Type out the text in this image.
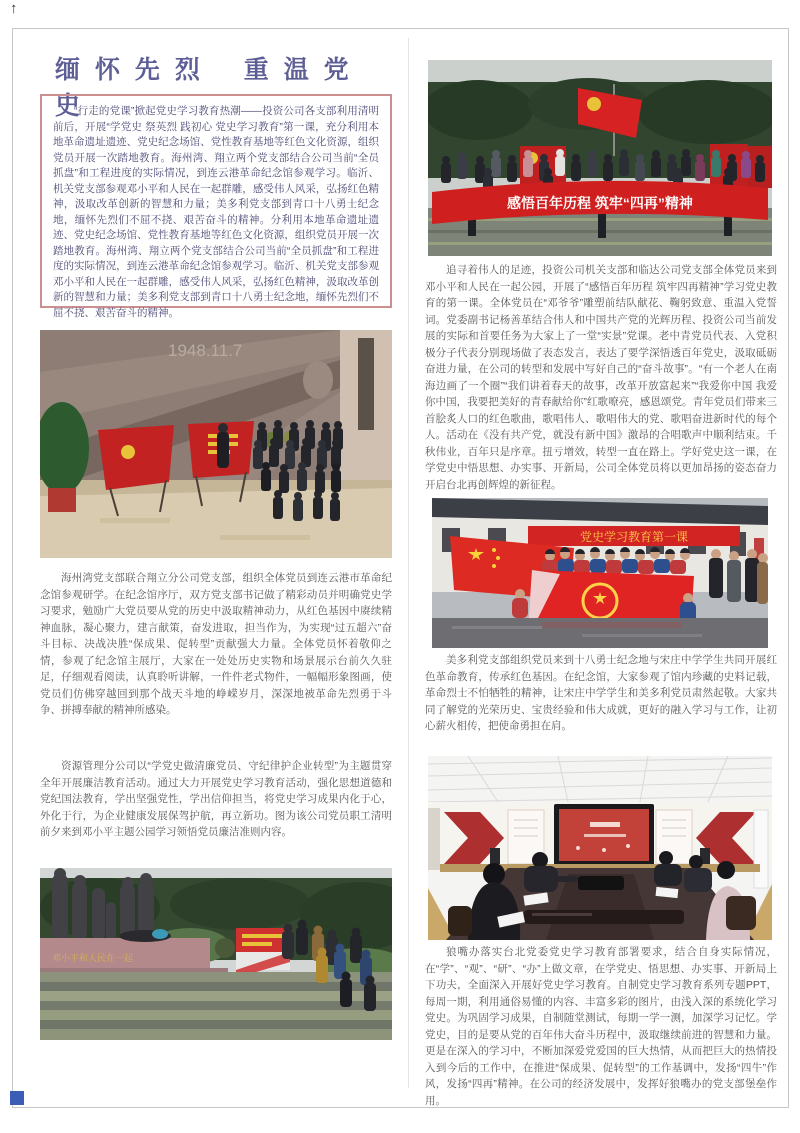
↑
缅 怀 先 烈　 重 温 党 史

“行走的党课”掀起党史学习教育热潮——投资公司各支部利用清明前后，开展“学党史 祭英烈 践初心 党史学习教育”第一课，充分利用本地革命遗址遗迹、党史纪念场馆、党性教育基地等红色文化资源，组织党员开展一次踏地教育。海州湾、翔立两个党支部结合公司当前“全员抓盘”和工程进度的实际情况，到连云港革命纪念馆参观学习。临沂、机关党支部参观邓小平和人民在一起群雕，感受伟人风采，弘扬红色精神，汲取改革创新的智慧和力量；美多利党支部到青口十八勇士纪念地，缅怀先烈们不屈不挠、艰苦奋斗的精神。分利用本地革命遗址遗迹、党史纪念场馆、党性教育基地等红色文化资源，组织党员开展一次踏地教育。海州湾、翔立两个党支部结合公司当前“全员抓盘”和工程进度的实际情况，到连云港革命纪念馆参观学习。临沂、机关党支部参观邓小平和人民在一起群雕，感受伟人风采，弘扬红色精神，汲取改革创新的智慧和力量；美多利党支部到青口十八勇士纪念地，缅怀先烈们不屈不挠、艰苦奋斗的精神。

1948.11.7

海州湾党支部联合翔立分公司党支部，组织全体党员到连云港市革命纪念馆参观研学。在纪念馆序厅，双方党支部书记做了精彩动员并明确党史学习要求，勉励广大党员要从党的历史中汲取精神动力，从红色基因中赓续精神血脉，凝心聚力，建言献策，奋发进取，担当作为，为实现“过五超六”奋斗目标、决战决胜“保成果、促转型”贡献强大力量。全体党员怀着敬仰之情，参观了纪念馆主展厅，大家在一处处历史实物和场景展示台前久久驻足，仔细观看阅读，认真聆听讲解，一件件老式物件，一幅幅形象图画，使党员们仿佛穿越回到那个战天斗地的峥嵘岁月，深深地被革命先烈勇于斗争、拼搏奉献的精神所感染。

资源管理分公司以“学党史做清廉党员、守纪律护企业转型”为主题贯穿全年开展廉洁教育活动。通过大力开展党史学习教育活动，强化思想道德和党纪国法教育，学出坚强党性，学出信仰担当，将党史学习成果内化于心，外化于行，为企业健康发展保驾护航，再立新功。图为该公司党员职工清明前夕来到邓小平主题公园学习领悟党员廉洁准则内容。

邓小平和人民在一起
感悟百年历程 筑牢“四再”精神

追寻着伟人的足迹，投资公司机关支部和临达公司党支部全体党员来到邓小平和人民在一起公园，开展了“感悟百年历程 筑牢四再精神”学习党史教育的第一课。全体党员在“邓爷爷”雕塑前结队献花、鞠躬致意、重温入党誓词。党委副书记杨善革结合伟人和中国共产党的光辉历程、投资公司当前发展的实际和首要任务为大家上了一堂“实景”党课。老中青党员代表、入党积极分子代表分别现场做了表态发言，表达了要学深悟透百年党史，汲取砥砺奋进力量，在公司的转型和发展中写好自己的“奋斗故事”。“有一个老人在南海边画了一个圈”“我们讲着春天的故事，改革开放富起来”“我爱你中国 我爱你中国，我要把美好的青春献给你”红歌嘹亮，感恩颂党。青年党员们带来三首脍炙人口的红色歌曲，歌唱伟人、歌唱伟大的党、歌唱奋进新时代的每个人。活动在《没有共产党，就没有新中国》激昂的合唱歌声中顺利结束。千秋伟业，百年只是序章。扭亏增效，转型一直在路上。学好党史这一课，在学党史中悟思想、办实事、开新局，公司全体党员将以更加昂扬的姿态奋力开启台北再创辉煌的新征程。

党史学习教育第一课

美多利党支部组织党员来到十八勇士纪念地与宋庄中学学生共同开展红色革命教育，传承红色基因。在纪念馆，大家参观了馆内珍藏的史料记载，革命烈士不怕牺牲的精神，让宋庄中学学生和美多利党员肃然起敬。大家共同了解党的光荣历史、宝贵经验和伟大成就，更好的融入学习与工作，让初心薪火相传，把使命勇担在肩。

狼嘴办落实台北党委党史学习教育部署要求，结合自身实际情况，在“学”、“观”、“研”、“办”上做文章，在学党史、悟思想、办实事、开新局上下功夫，全面深入开展好党史学习教育。自制党史学习教育系列专题PPT，每周一期，利用通俗易懂的内容、丰富多彩的图片，由浅入深的系统化学习党史。为巩固学习成果，自制随堂测试，每期一学一测，加深学习记忆。学党史，目的是要从党的百年伟大奋斗历程中，汲取继续前进的智慧和力量。更是在深入的学习中，不断加深爱党爱国的巨大热情，从而把巨大的热情投入到今后的工作中，在推进“保成果、促转型”的工作基调中，发扬“四牛”作风，发扬“四再”精神。在公司的经济发展中，发挥好狼嘴办的党支部堡垒作用。
